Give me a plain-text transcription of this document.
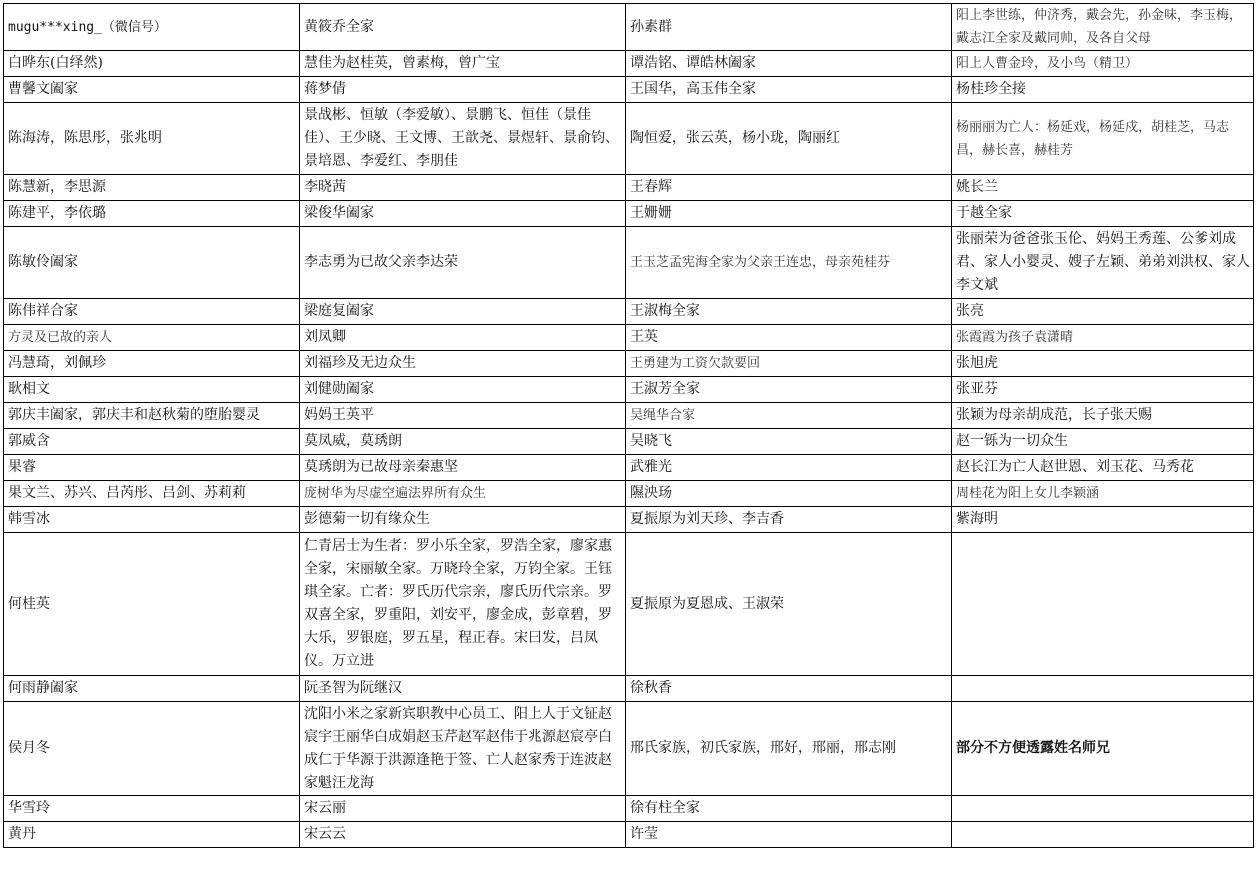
mugu***xing_（微信号）	黄筱乔全家	孙素群	阳上李世练，仲济秀，戴会先，孙金味，李玉梅，戴志江全家及戴同帅，及各自父母
白晔东(白绎然)	慧佳为赵桂英，曾素梅，曾广宝	谭浩铭、谭皓林阖家	阳上人曹金玲，及小鸟（精卫）
曹馨文阖家	蒋梦倩	王国华，高玉伟全家	杨桂珍全接
陈海涛，陈思彤，张兆明	景战彬、恒敏（李爱敏）、景鹏飞、恒佳（景佳佳）、王少晓、王文博、王歆尧、景煜轩、景俞钧、景培恩、李爱红、李朋佳	陶恒爱，张云英，杨小珑，陶丽红	杨丽丽为亡人：杨延戏，杨延戍，胡桂芝，马志昌，赫长喜，赫桂芳
陈慧新，李思源	李晓茜	王春辉	姚长兰
陈建平，李依璐	梁俊华阖家	王姗姗	于越全家
陈敏伶阖家	李志勇为已故父亲李达荣	王玉芝孟宪海全家为父亲王连忠，母亲苑桂芬	张丽荣为爸爸张玉伦、妈妈王秀莲、公爹刘成君、家人小婴灵、嫂子左颖、弟弟刘洪权、家人李文斌
陈伟祥合家	梁庭复阖家	王淑梅全家	张亮
方灵及已故的亲人	刘凤卿	王英	张霞霞为孩子袁潇晴
冯慧琦，刘佩珍	刘福珍及无边众生	王勇建为工资欠款要回	张旭虎
耿相文	刘健勋阖家	王淑芳全家	张亚芬
郭庆丰阖家，郭庆丰和赵秋菊的堕胎婴灵	妈妈王英平	吴绳华合家	张颖为母亲胡成范，长子张天赐
郭威含	莫凤威，莫琇朗	吴晓飞	赵一铄为一切众生
果睿	莫琇朗为已故母亲秦惠坚	武雅光	赵长江为亡人赵世恩、刘玉花、马秀花
果文兰、苏兴、吕芮彤、吕剑、苏莉莉	庞树华为尽虚空遍法界所有众生	隰泱玚	周桂花为阳上女儿李颖涵
韩雪冰	彭德菊一切有缘众生	夏振原为刘天珍、李吉香	紫海明
何桂英	仁青居士为生者：罗小乐全家，罗浩全家，廖家惠全家，宋丽敏全家。万晓玲全家，万钧全家。王钰琪全家。亡者：罗氏历代宗亲，廖氏历代宗亲。罗双喜全家，罗重阳，刘安平，廖金成，彭章碧，罗大乐，罗银庭，罗五星，程正春。宋曰发，吕凤仪。万立进	夏振原为夏恩成、王淑荣	
何雨静阖家	阮圣智为阮继汉	徐秋香	
侯月冬	沈阳小米之家新宾职教中心员工、阳上人于文钲赵宸宇王丽华白成娟赵玉芹赵军赵伟于兆源赵宸亭白成仁于华源于洪源逢艳于签、亡人赵家秀于连波赵家魁汪龙海	邢氏家族，初氏家族，邢好，邢丽，邢志刚	部分不方便透露姓名师兄
华雪玲	宋云丽	徐有柱全家	
黄丹	宋云云	许莹	
